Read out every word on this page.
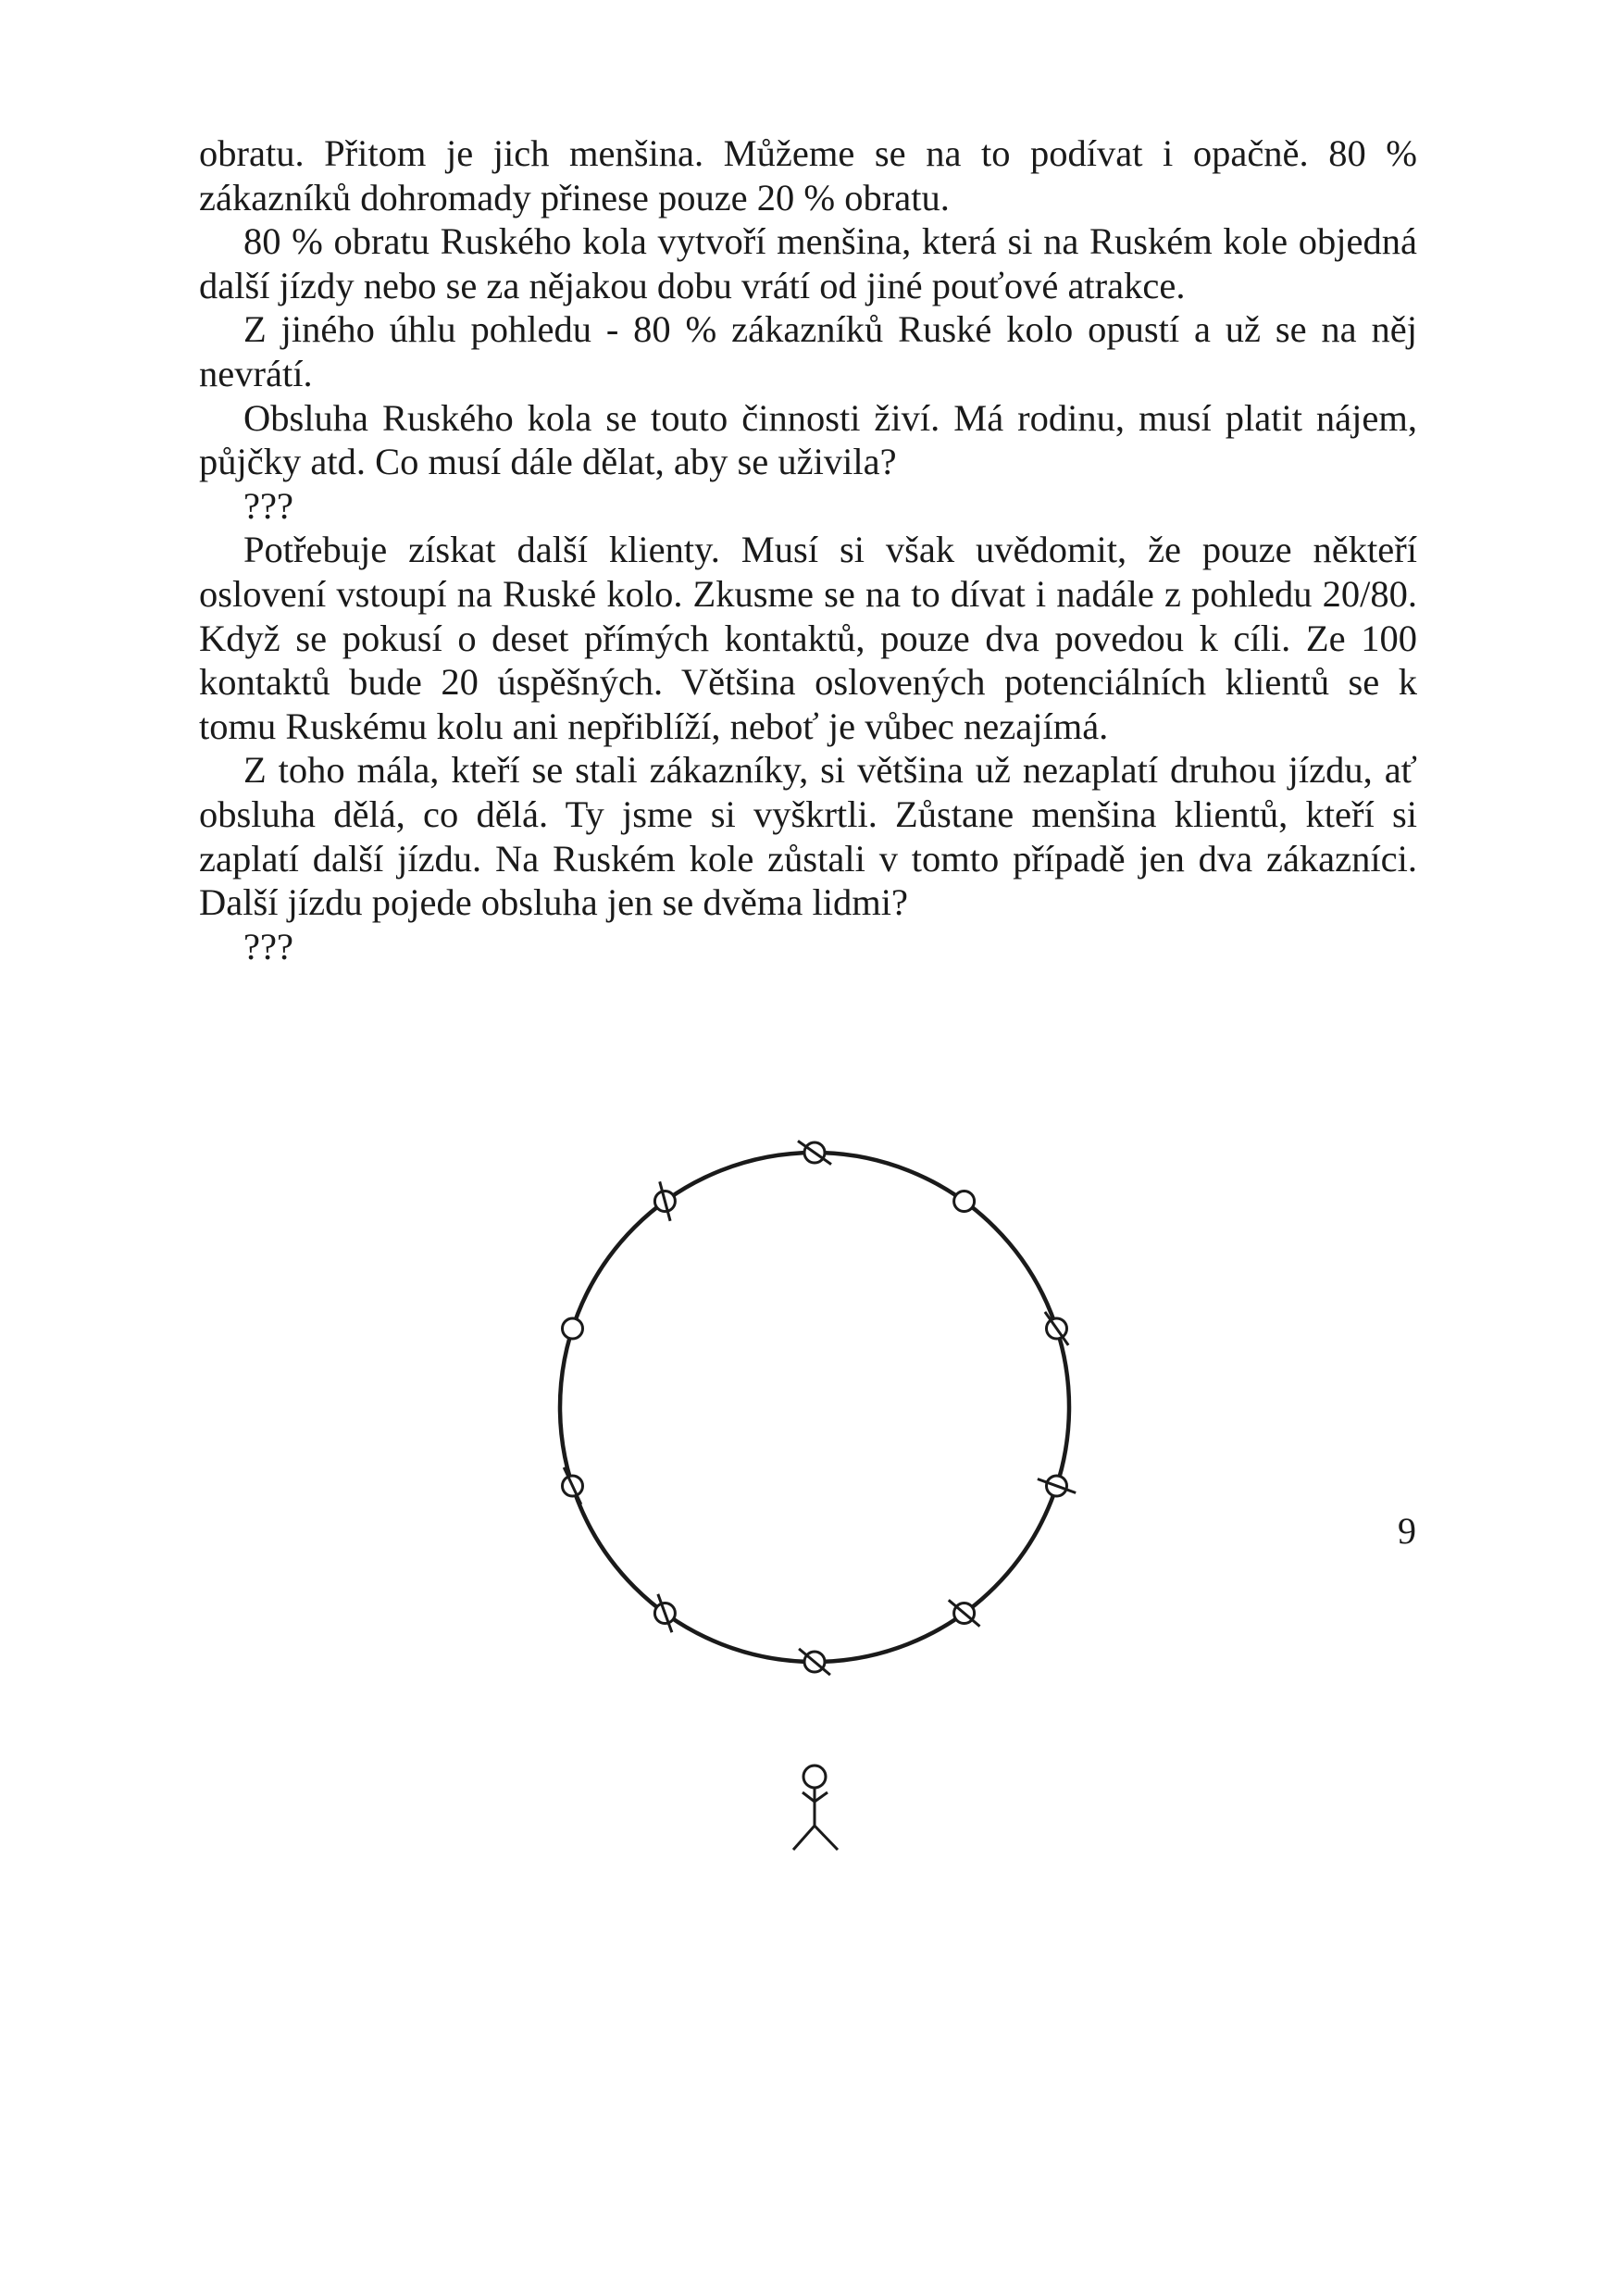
obratu. Přitom je jich menšina. Můžeme se na to podívat i opačně. 80 % zákazníků dohromady přinese pouze 20 % obratu.

80 % obratu Ruského kola vytvoří menšina, která si na Ruském kole objedná další jízdy nebo se za nějakou dobu vrátí od jiné pouťové atrakce.

Z jiného úhlu pohledu - 80 % zákazníků Ruské kolo opustí a už se na něj nevrátí.

Obsluha Ruského kola se touto činnosti živí. Má rodinu, musí platit nájem, půjčky atd. Co musí dále dělat, aby se uživila?

???

Potřebuje získat další klienty. Musí si však uvědomit, že pouze někteří oslovení vstoupí na Ruské kolo. Zkusme se na to dívat i nadále z pohledu 20/80. Když se pokusí o deset přímých kontaktů, pouze dva povedou k cíli. Ze 100 kontaktů bude 20 úspěšných. Většina oslovených potenciálních klientů se k tomu Ruskému kolu ani nepřiblíží, neboť je vůbec nezajímá.

Z toho mála, kteří se stali zákazníky, si většina už nezaplatí druhou jízdu, ať obsluha dělá, co dělá. Ty jsme si vyškrtli. Zůstane menšina klientů, kteří si zaplatí další jízdu. Na Ruském kole zůstali v tomto případě jen dva zákazníci. Další jízdu pojede obsluha jen se dvěma lidmi?

???

9
